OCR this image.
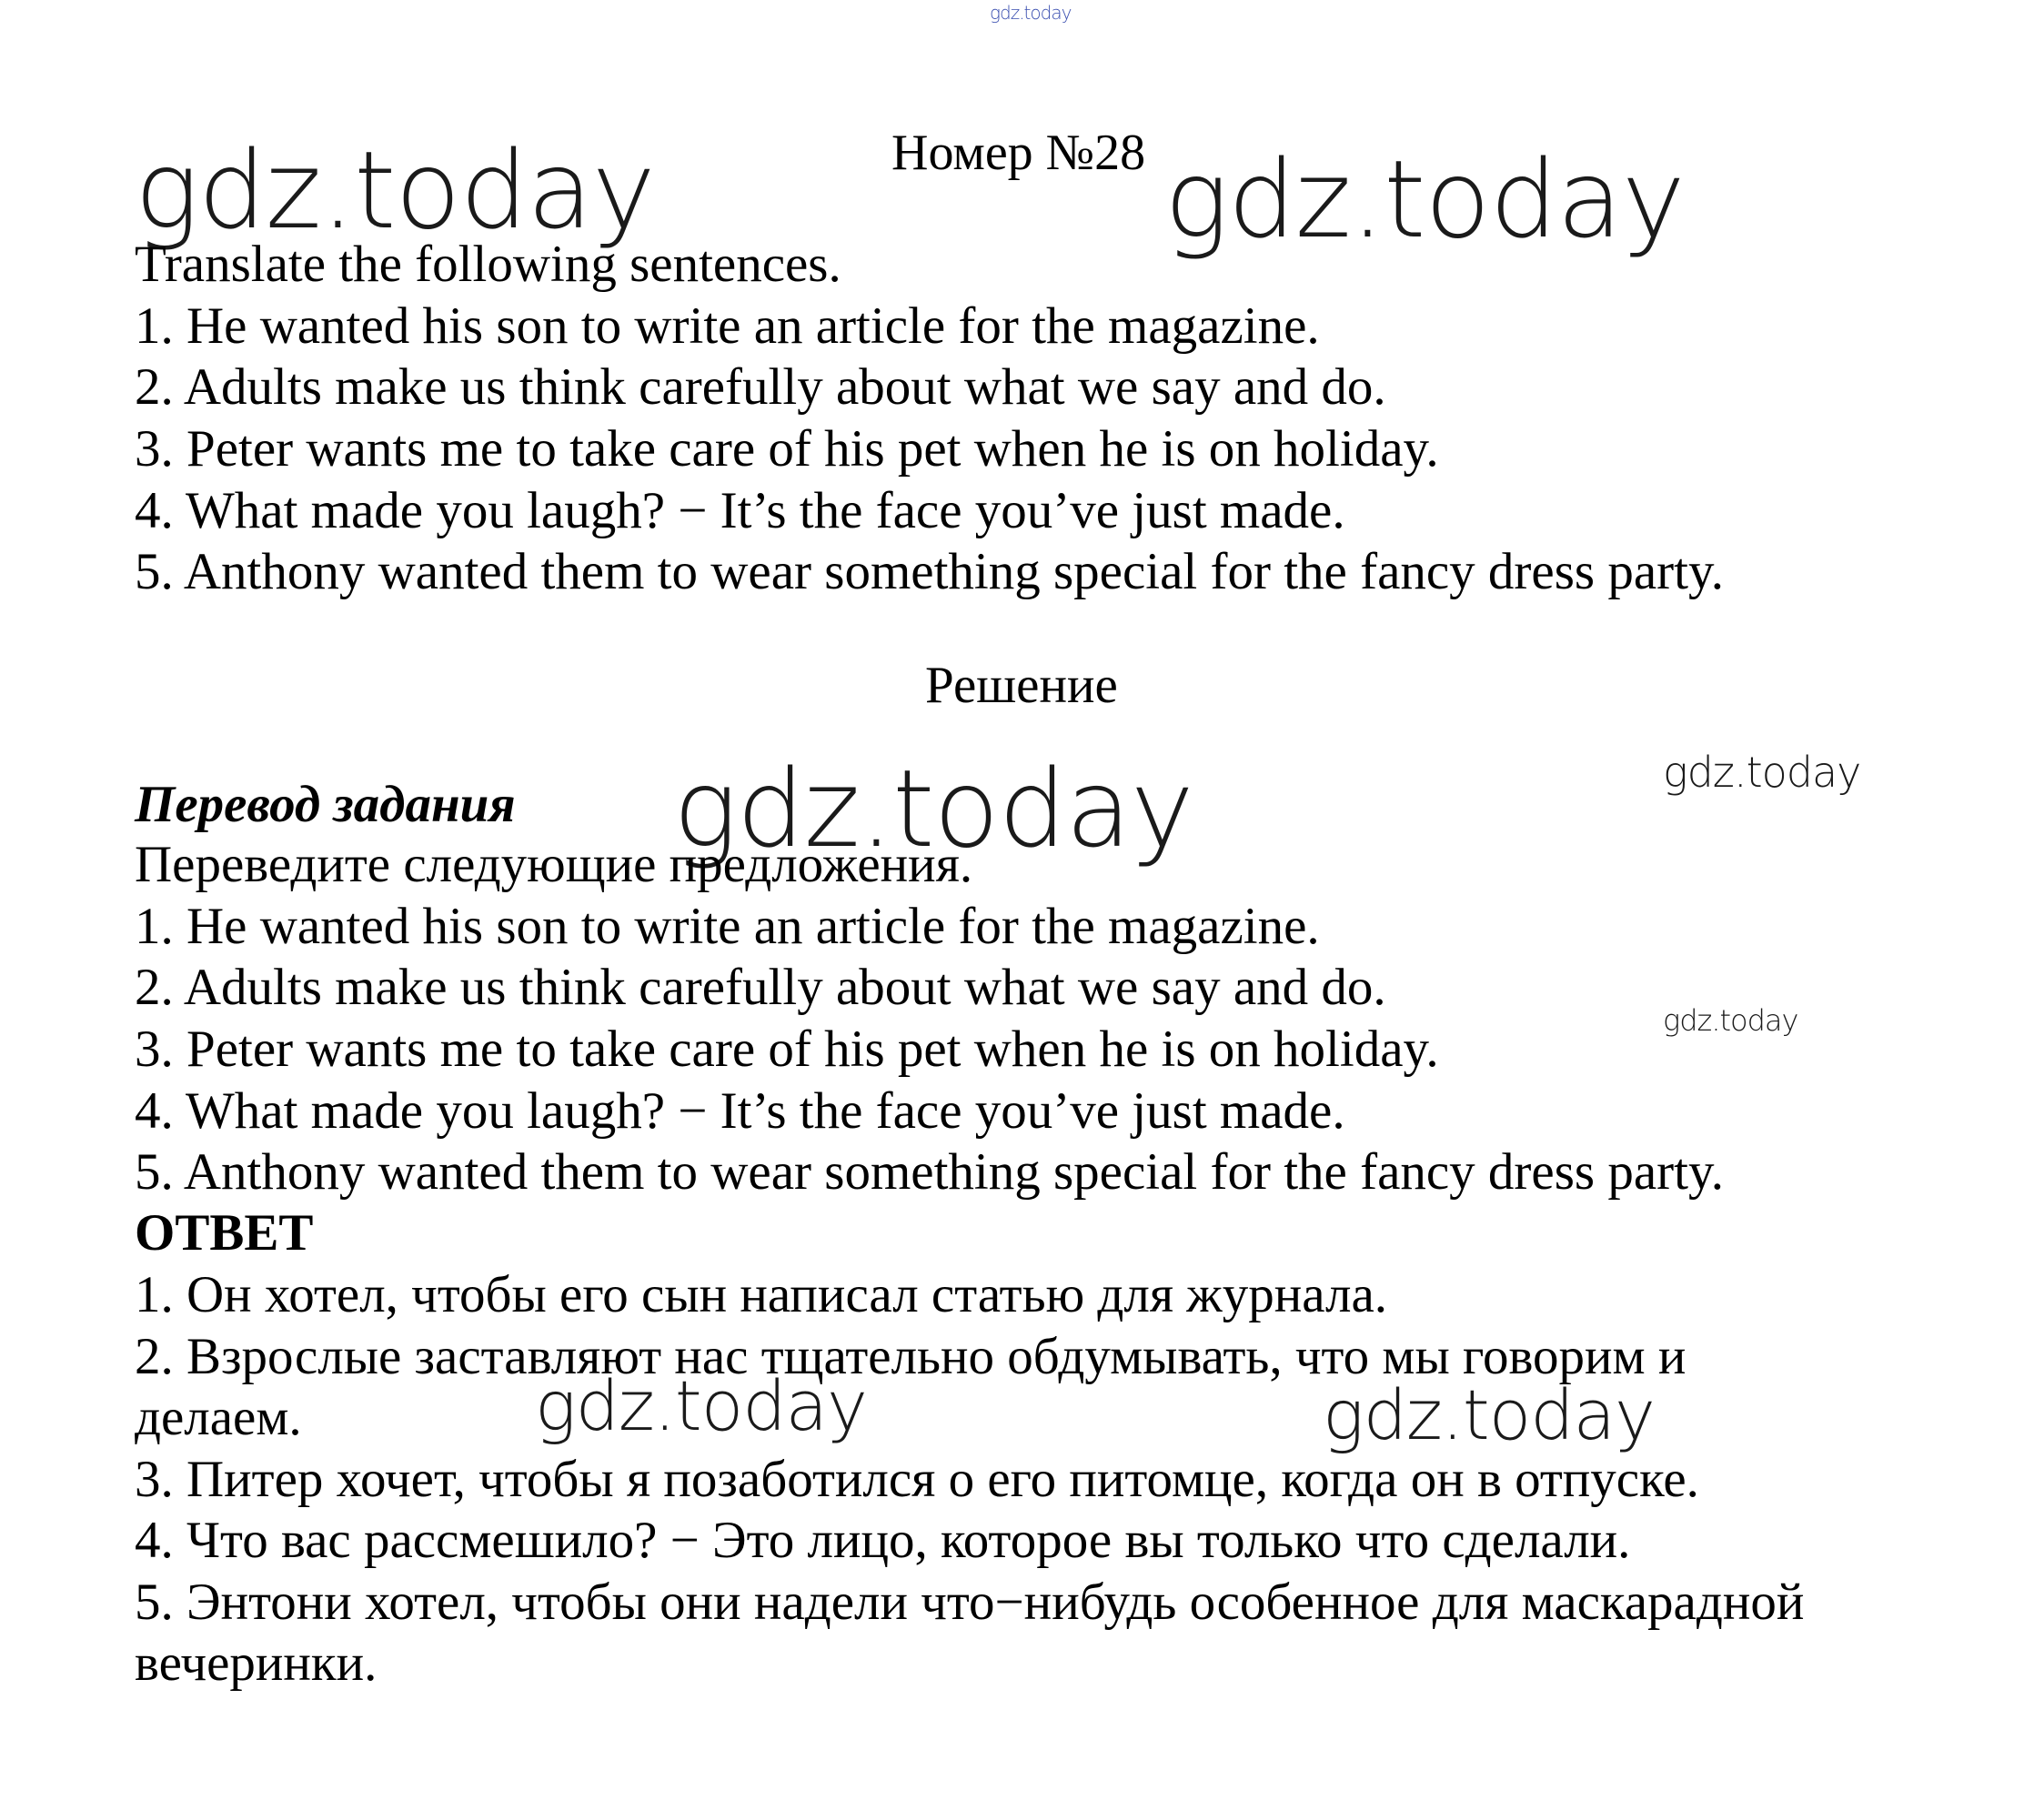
gdz.today
gdz.today	gdz.today
gdz.today	gdz.today
gdz.today
gdz.today	gdz.today
Номер №28
Translate the following sentences.
1. He wanted his son to write an article for the magazine.
2. Adults make us think carefully about what we say and do.
3. Peter wants me to take care of his pet when he is on holiday.
4. What made you laugh? − It’s the face you’ve just made.
5. Anthony wanted them to wear something special for the fancy dress party.
Решение
Перевод задания
Переведите следующие предложения.
1. He wanted his son to write an article for the magazine.
2. Adults make us think carefully about what we say and do.
3. Peter wants me to take care of his pet when he is on holiday.
4. What made you laugh? − It’s the face you’ve just made.
5. Anthony wanted them to wear something special for the fancy dress party.
ОТВЕТ
1. Он хотел, чтобы его сын написал статью для журнала.
2. Взрослые заставляют нас тщательно обдумывать, что мы говорим и
делаем.
3. Питер хочет, чтобы я позаботился о его питомце, когда он в отпуске.
4. Что вас рассмешило? − Это лицо, которое вы только что сделали.
5. Энтони хотел, чтобы они надели что−нибудь особенное для маскарадной
вечеринки.
